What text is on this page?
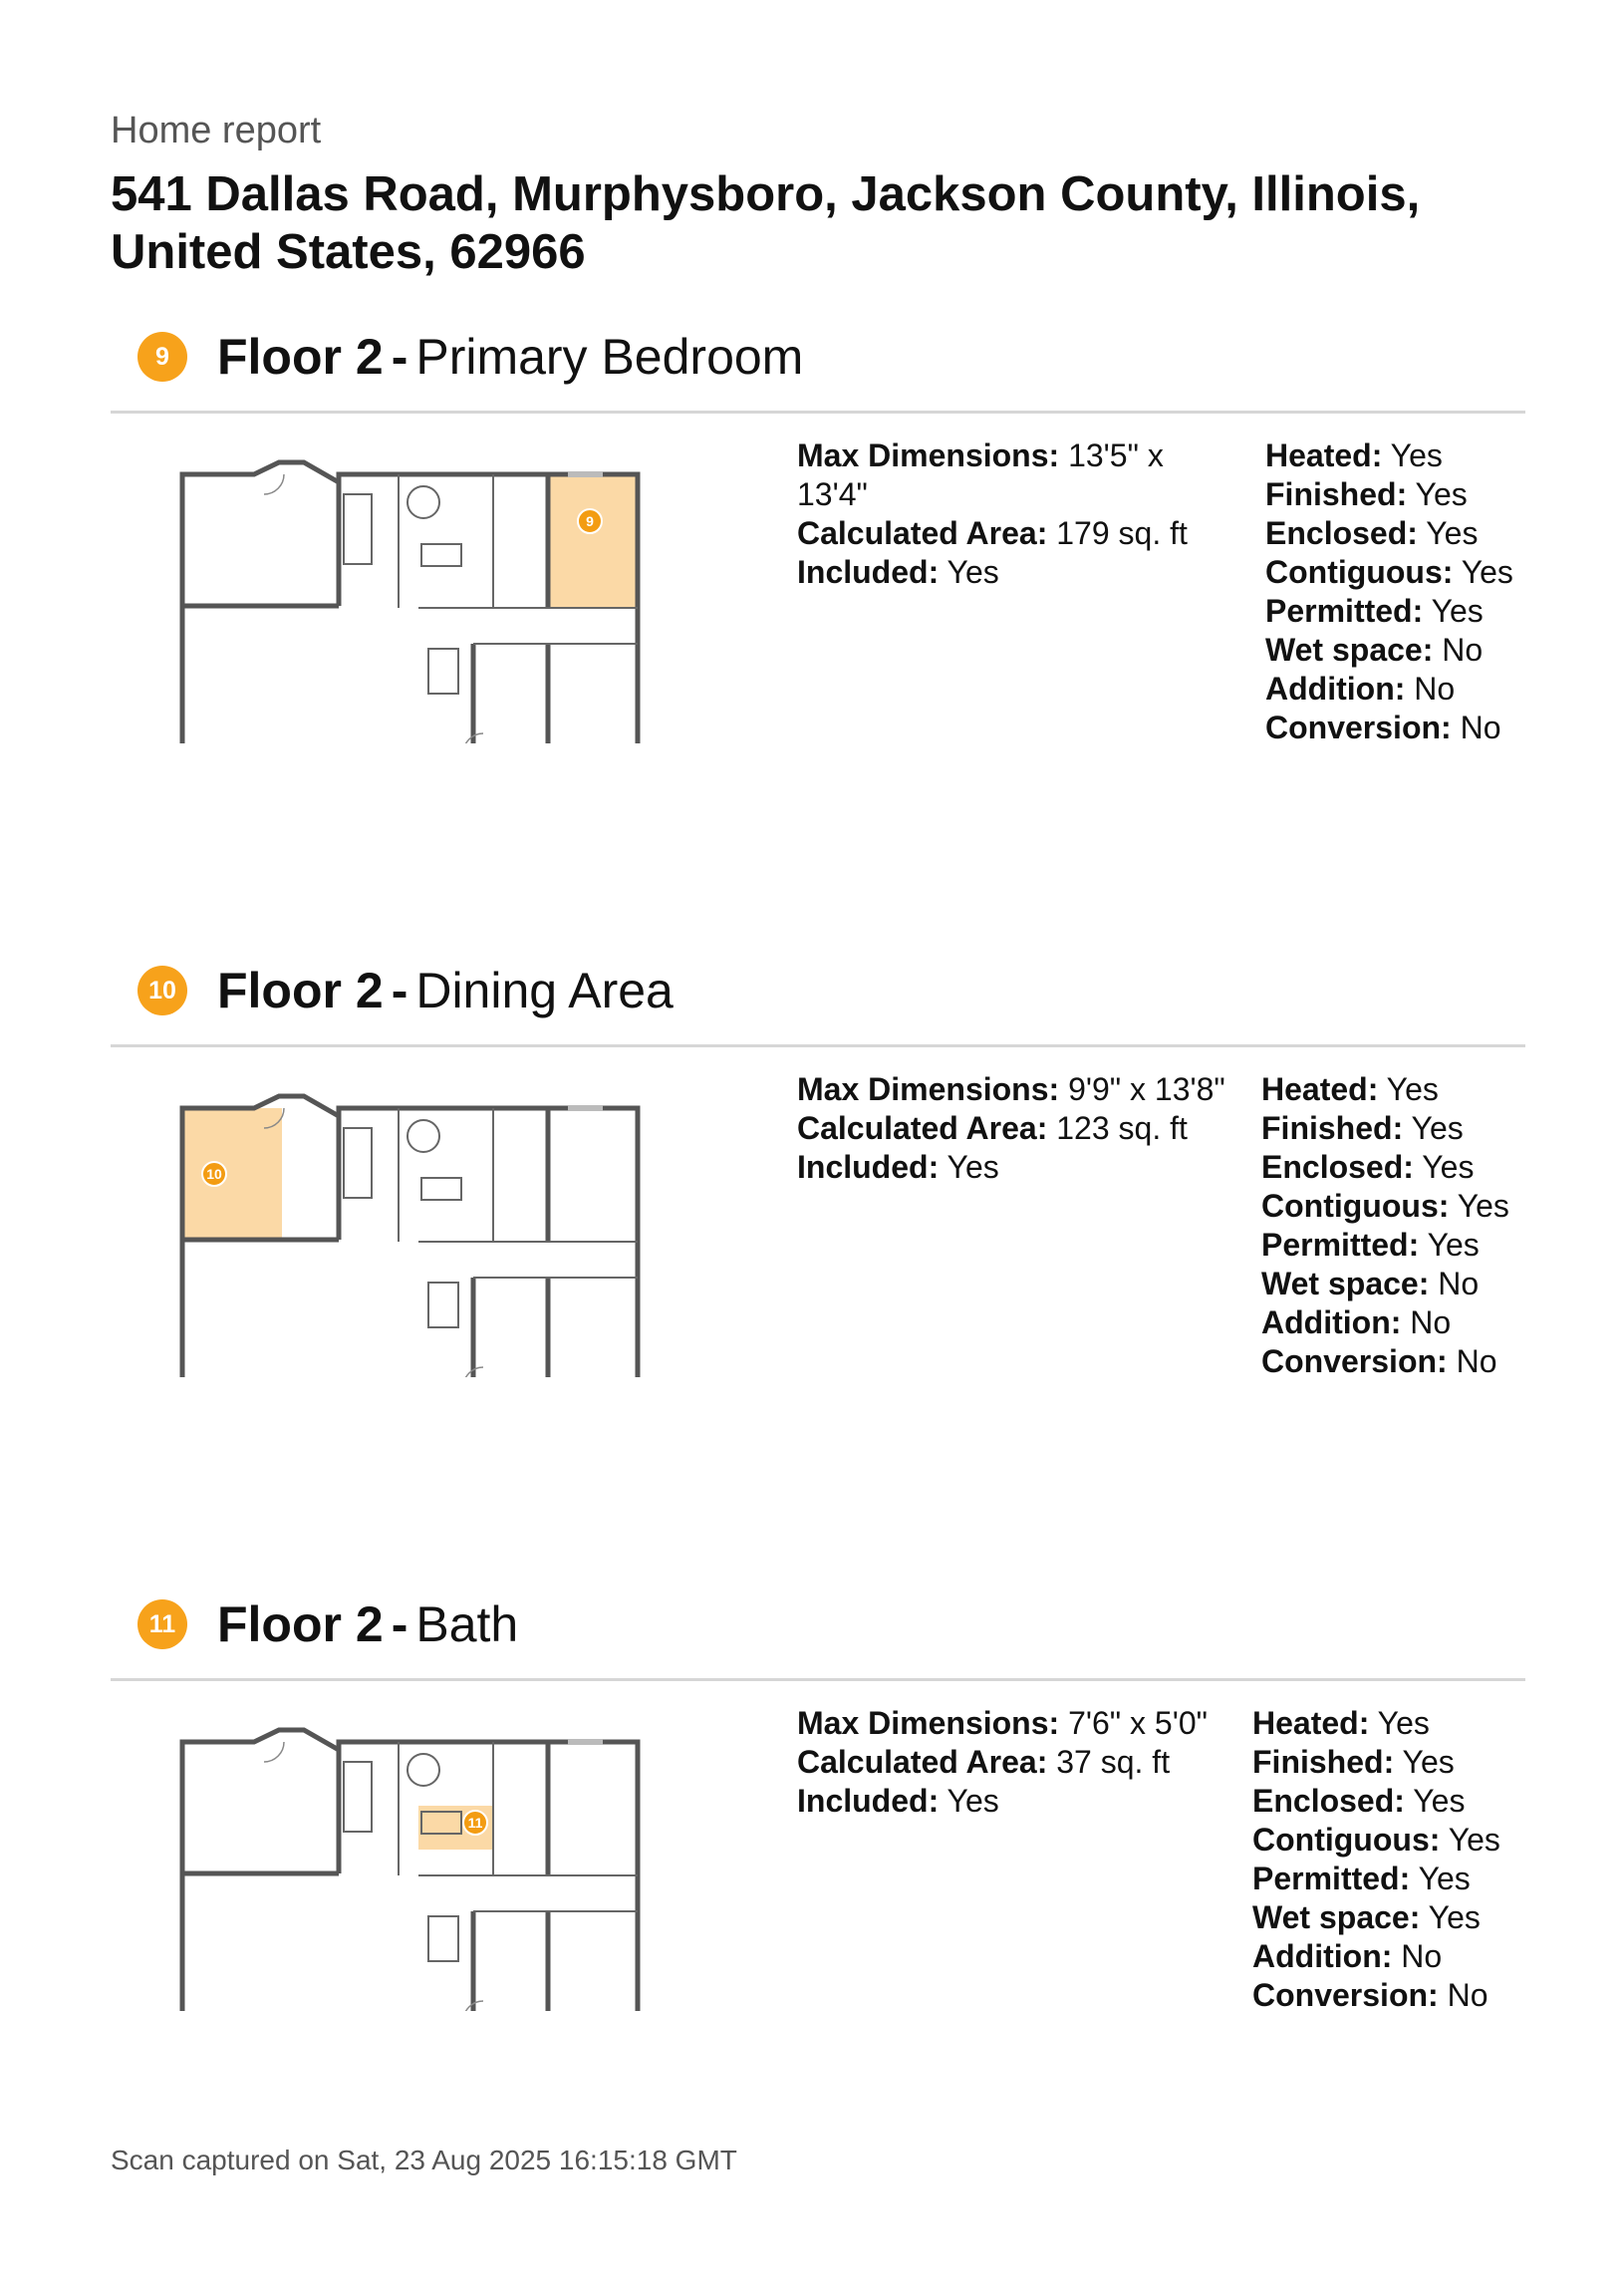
Home report
541 Dallas Road, Murphysboro, Jackson County, Illinois, United States, 62966
9 Floor 2 - Primary Bedroom
9
Max Dimensions: 13'5" x 13'4"
Calculated Area: 179 sq. ft
Included: Yes
Heated: Yes
Finished: Yes
Enclosed: Yes
Contiguous: Yes
Permitted: Yes
Wet space: No
Addition: No
Conversion: No
10 Floor 2 - Dining Area
10
Max Dimensions: 9'9" x 13'8"
Calculated Area: 123 sq. ft
Included: Yes
Heated: Yes
Finished: Yes
Enclosed: Yes
Contiguous: Yes
Permitted: Yes
Wet space: No
Addition: No
Conversion: No
11 Floor 2 - Bath
11
Max Dimensions: 7'6" x 5'0"
Calculated Area: 37 sq. ft
Included: Yes
Heated: Yes
Finished: Yes
Enclosed: Yes
Contiguous: Yes
Permitted: Yes
Wet space: Yes
Addition: No
Conversion: No
Scan captured on Sat, 23 Aug 2025 16:15:18 GMT
